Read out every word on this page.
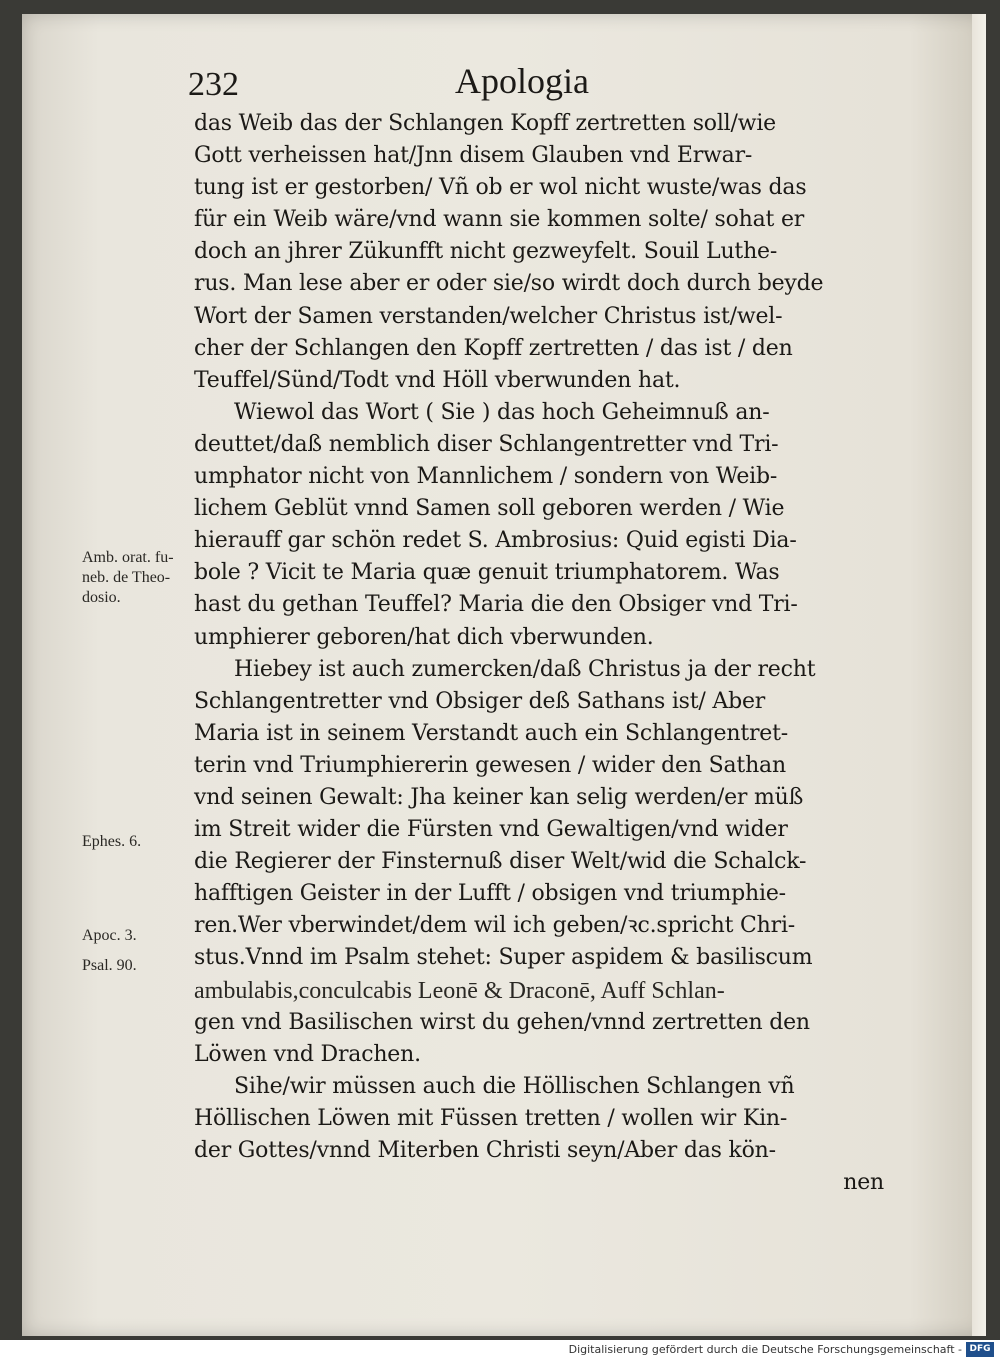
232	Apologia
das Weib das der Schlangen Kopff zertretten soll/wie
Gott verheissen hat/Jnn disem Glauben vnd Erwar-
tung ist er gestorben/ Vñ ob er wol nicht wuste/was das
für ein Weib wäre/vnd wann sie kommen solte/ sohat er
doch an jhrer Zükunfft nicht gezweyfelt. Souil Luthe-
rus. Man lese aber er oder sie/so wirdt doch durch beyde
Wort der Samen verstanden/welcher Christus ist/wel-
cher der Schlangen den Kopff zertretten / das ist / den
Teuffel/Sünd/Todt vnd Höll vberwunden hat.
Wiewol das Wort ( Sie ) das hoch Geheimnuß an-
deuttet/daß nemblich diser Schlangentretter vnd Tri-
umphator nicht von Mannlichem / sondern von Weib-
lichem Geblüt vnnd Samen soll geboren werden / Wie
hierauff gar schön redet S. Ambrosius: Quid egisti Dia-
bole ? Vicit te Maria quæ genuit triumphatorem. Was
hast du gethan Teuffel? Maria die den Obsiger vnd Tri-
umphierer geboren/hat dich vberwunden.
Hiebey ist auch zumercken/daß Christus ja der recht
Schlangentretter vnd Obsiger deß Sathans ist/ Aber
Maria ist in seinem Verstandt auch ein Schlangentret-
terin vnd Triumphiererin gewesen / wider den Sathan
vnd seinen Gewalt: Jha keiner kan selig werden/er müß
im Streit wider die Fürsten vnd Gewaltigen/vnd wider
die Regierer der Finsternuß diser Welt/wid die Schalck-
hafftigen Geister in der Lufft / obsigen vnd triumphie-
ren.Wer vberwindet/dem wil ich geben/ꝛc.spricht Chri-
stus.Vnnd im Psalm stehet: Super aspidem & basiliscum
ambulabis,conculcabis Leonē & Draconē, Auff Schlan-
gen vnd Basilischen wirst du gehen/vnnd zertretten den
Löwen vnd Drachen.
Sihe/wir müssen auch die Höllischen Schlangen vñ
Höllischen Löwen mit Füssen tretten / wollen wir Kin-
der Gottes/vnnd Miterben Christi seyn/Aber das kön-
nen
Amb. orat. fu-
neb. de Theo-
dosio.
Ephes. 6.
Apoc. 3.
Psal. 90.
Digitalisierung gefördert durch die Deutsche Forschungsgemeinschaft - DFG
